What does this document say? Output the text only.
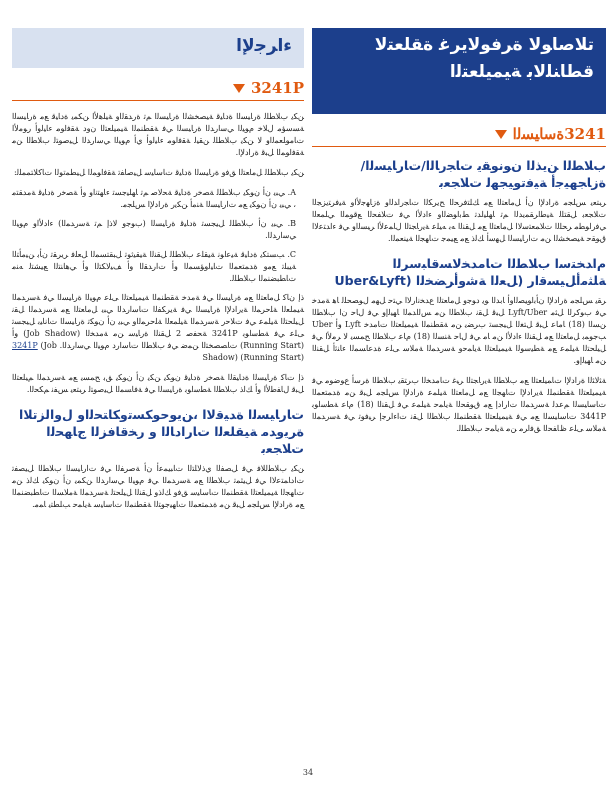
ﺗﻼﺻﺎﻮﻟﺎ ﺓﺮﻓﻮﻟﺎﻳﺮﻏ ﺓﻘﻠﻌﺘﻟﺎ ﻗﻄﺎﻨﻠﻟﺎﺑ ﺔﻴﻤﻴﻠﻌﺘﻟﺍ
3241ﺓﺳﺎﻴﺴﻟﺍ
ﺏﻼﻄﻟﺍ ﻦﻳﺬﻟﺍ ﻥﻮﻧﻮﻘﻳ ﺕﺎﺠﺭﺎﻟﺍ/ﺕﺎﺭﺎﻴﺴﻟﺍ/ ﺓﺯﺎﺠﻬﻴﺟﺃ ﺔﻴﻓﺗﻮﻴﺠﻬﻟ ﺕﻼﺠﻌﺑ

ﺮﺒﺘﻌﻳ ﺲﻠﺠﻣ ﺓﺭﺍﺩﻹﺍ ﻥﺃ ﻞﻣﺎﻌﺘﻟﺍ ﻊﻣ ﻚﻠﺘﻓﺮﺤﻟﺍ ﺢﻳﺮﻜﻟﺍ ﺕﺎﺠﺭﺍﺪﻟﺍﻭ ﺓﺯﺎﻬﺟﻷﺍﻭ ﺔﻴﻓﺮﺘﻳﺰﺠﻟﺍ ﺕﻼﺠﻌﺑ ﻞﻘﺘﻠﻟ ﺔﻴﻃﺍﺮﻘﻤﻳﺪﻟﺍ ﻢﺗ ﺎﻬﻠﻴﻟﺪﺗ ﻂﺑﺍﻮﻀﻟﺍﻭ ﺀﺍﺩﻷﺍ ﻲﻓ ﺕﻼﻔﺤﻟﺍ ﻊﻗﻮﻤﻟﺍ ﻲﻠﻤﻌﻟﺍ ﻲﻓﺭﺍﻮﻄﻣ ﺮﺤﻠﻟﺍ ﺕﻼﻤﻌﺘﺳﻻﺍ ﻞﻣﺎﻌﺘﻟﺍ ﻊﻣ ﻞﻘﻨﻟﺍ ﻪﺑ ﻪﻴﻠﻋ ﺔﻳﺭﺎﺠﺘﻟﺍ ﻝﺎﻤﻋﻷﺍ ﺮﻴﺴﻟﺍﻭ ﻲﻓ ﺀﺍﺪﺘﻋﻻﺍ ﻕﻮﻘﺣ ﺔﻴﺼﺨﺸﻟﺍ ﻦﻣ ﺕﺍﺭﺎﻴﺴﻟﺍ ﻞﻬﺳﺃ ﻚﻟﺫ ﻊﻣ ﻊﻴﻤﺟ ﺕﺎﻬﺠﻟﺍ ﺔﻴﻨﻌﻤﻟﺍ.

ﻡﺍﺪﺨﺘﺳﺍ ﺏﻼﻄﻟﺍ ﺕﺎﻣﺪﺨﻟﺎﺴﻗﺎﺒﺳﺮﻟﺍ ﺔﻠﺜﻣﺃﻞﻴﺴﻗﺍﺭ (ﻞﻌﻟﺍ ﺔﺷﻭﺃﺮﻀﺨﻟﺍ (Uber&Lyft

ﺮﻘﻳ ﺲﻠﺠﻣ ﺓﺭﺍﺩﻹﺍ ﻥﺄﺑﺍﻮﻴﺼﻟﺍﻭﺃ ﺎﺑﺪﻟﺍ ﻮﻳ ﺩﻮﺟﻭ ﻞﻣﺎﻌﺘﻟﺍ ﻉﺪﺨﻧﺍﺭﻻﺍ ﻲﺘﺣ ﻞﻬﻣ ﻝﻮﺼﺤﻠﻟ ﺎﻫ ﺔﻣﺪﺧ ﻲﻓ ﺏﻮﻛﺮﻟﺍ ﻞﺜﻣ Lyft/Uber ﻞﺒﻗ ﻞﻘﻧ ﺏﻼﻄﻟﺍ ﻦﻣ ﺲﻟﺍﺪﻤﻟﺍ ﺎﻬﻴﻟﺇﻭ ﻲﻓ ﻝﺎﺣ ﻥﺍ ﺏﻼﻄﻟﺍ ﻦﺴﻟﺍ (18) ﺎﻣﺎﻋ ﻞﺒﻗ ﻞﺘﻐﻟﺍ ﻞﻴﺠﺴﺗ ﺏﺮﻀﻳ ﻦﻣ ﺔﻘﻄﻨﻤﻟﺍ ﺔﻴﻤﻴﻠﻌﺘﻟﺍ ﺕﺎﻣﺪﺧ Lyft ﻭﺃ Uber ﺐﺟﻮﻤﺑ ﻞﻣﺎﻌﺘﻟﺍ ﻊﻣ ﻞﻘﻨﻟﺍ ﺀﺍﺩﻷﺍ ﻦﻣ ﺎﻣ ﻲﻓ ﻝﺎﺣ ﺔﻨﺴﻟﺍ (18) ﻡﺎﻋ ﺏﻼﻄﻟﺍ ﺢﻤﺴﻳ ﻻ ﺮﻣﻷﺍ ﻲﻓ ﻞﻴﻠﺤﺘﻟﺍ ﺔﻴﻠﻤﻋ ﻊﻣ ﺔﻄﻴﺳﻮﻟﺍ ﺔﻴﻤﻴﻠﻌﺘﻟﺍ ﺔﻳﺎﻤﺣﻭ ﺔﺳﺭﺪﻤﻟﺍ ﺔﻣﻼﺳ ﻰﻠﻋ ﺓﺪﻋﺎﺴﻤﻟﺍ ﺀﺎﻨﺛﺃ ﻞﻘﻨﻟﺍ ﻦﻣ ﺎﻬﻴﻟﺇﻭ.

ﺔﺜﻟﺎﺜﻟﺍ ﺓﺭﺍﺩﻹﺍ ﺕﺎﻤﻴﻠﻌﺘﻟﺍ ﻊﻣ ﺏﻼﻄﻟﺍ ﺔﻳﺭﺎﺠﺘﻟﺍ ﺮﻴﻏ ﺕﺎﻣﺪﺨﻟﺍ ﺏﺮﺘﻘﻳ ﺏﻼﻄﻟﺍ ﺓﺮﺳﺃ ﻉﻮﺿﻮﻣ ﻲﻓ ﺔﻴﻤﻴﻠﻌﺘﻟﺍ ﺔﻘﻄﻨﻤﻠﻟ ﺔﻳﺭﺍﺩﻹﺍ ﺕﺎﻬﺠﻟﺍ ﻊﻣ ﻞﻣﺎﻌﺘﻟﺍ ﺔﻴﻠﻤﻋ ﺓﺭﺍﺩﻹﺍ ﺲﻠﺠﻣ ﻞﺒﻗ ﻦﻣ ﺓﺪﻤﺘﻌﻤﻟﺍ ﺕﺎﺳﺎﻴﺴﻟﺍ ﻢﻋﺪﻟ ﺔﺳﺭﺪﻤﻟﺍ ﺕﺍﺭﺍﺩﺇ ﻊﻣ ﻕﻮﻘﺤﻟﺍ ﺔﻳﺎﻤﺣ ﺔﻴﻠﻤﻋ ﻲﻓ ﻞﻘﻨﻟﺍ (18) ﻡﺎﻋ ﺔﻄﺳﺍﻮﺑ 3441P ﺕﺎﺳﺎﻴﺴﻟﺍ ﻊﻣ ﻲﻓ ﺔﻴﻤﻴﻠﻌﺘﻟﺍ ﺔﻘﻄﻨﻤﻠﻟ ﺏﻼﻄﻟﺍ ﻞﻘﻧ ﺕﺍﺀﺍﺮﺟﺇ ﺮﻴﻓﻮﺗ ﻲﻓ ﺔﺳﺭﺪﻤﻟﺍ ﺔﻣﻼﺳ ﻰﻠﻋ ﻅﺎﻔﺤﻟﺍ ﻖﻓﺍﺮﻣ ﻦﻣ ﺔﻳﺎﻤﺣ ﺏﻼﻄﻠﻟ.

ﺀﺍﺮﺟﻹﺍ
3241P

ﻦﻜﻳ ﺏﻼﻄﻠﻟ ﺓﺭﺎﻴﺴﻟﺍ ﺓﺩﺎﻴﻗ ﺔﻴﺼﺨﺸﻟﺍ ﺓﺭﺎﻴﺴﻟﺍ ﻢﺗ ﺓﺭﺪﻘﻟﺍﻭ ﺔﻴﻠﻫﻷﺍ ﻦﻜﻤﻳ ﺓﺩﺎﻴﻗ ﻊﻣ ﺓﺭﺎﻴﺴﻟﺍ ﺔﺴﺳﺆﻣ ﻝﻼﺧ ﻡﻮﻴﻟﺍ ﻲﺳﺍﺭﺪﻟﺍ ﺓﺭﺎﻴﺴﻟﺍ ﻲﻓ ﺔﻘﻄﻨﻤﻟﺍ ﺔﻴﻤﻴﻠﻌﺘﻟﺍ ﻥﻭﺩ ﺔﻘﻓﺍﻮﻣ ﺀﺎﻴﻟﻭﺃ ﺭﻮﻣﻷﺍ ﺕﺎﻣﻮﻠﻌﻤﻟﺍﻭ ﻻ ﻦﻜﻳ ﺏﻼﻄﻠﻟ ﻦﻘﻴﻟ ﺔﻘﻓﺍﻮﻣ ﺀﺎﻴﻟﻭﺃ ﻱﺃ ﻡﻮﻴﻟﺍ ﻲﺳﺍﺭﺪﻟﺍ ﻞﻴﺻﻮﺘﻟ ﺏﻼﻄﻟﺍ ﻦﻣ ﺔﻘﻓﺍﻮﻤﻟﺍ ﻞﺒﻗ ﺓﺭﺍﺩﻹﺍ.

ﻦﻜﻳ ﺏﻼﻄﻠﻟ ﻞﻣﺎﻌﺘﻟﺍ ﻖﻓﻭ ﺓﺭﺎﻴﺴﻟﺍ ﺓﺩﺎﻴﻗ ﺕﺎﺳﺎﻴﺳ ﻞﻴﺻﺎﻔﺗ ﺔﻘﻓﺍﻮﻤﻟﺍ ﻞﻴﻄﻤﺗﻮﻟﺍ ﺕﺎﻛﻼﺘﻤﻤﻠﻟ:

A. ﻲﺒﻳ ﻥﺃ ﻥﻮﻜﻳ ﺏﻼﻄﻠﻟ ﺔﺼﺧﺭ ﺓﺩﺎﻴﻗ ﺔﺤﻟﺎﺻ ﻢﺗ ﺎﻬﻠﻴﺟﺴﺗ ﺀﺎﻬﺘﻧﺍﻭ ﻭﺃ ﺔﺼﺧﺭ ﺓﺩﺎﻴﻗ ﺔﻣﺪﻘﺘﻣ ، ﻲﺒﻳ ﻥﺃ ﻥﻮﻜﻳ ﻊﻣ ﺕﺍﺭﺎﻴﺴﻟﺍ ﺔﻨﻣﺃ ﻦﻜﻳﺭ ﺓﺭﺍﺩﻹﺍ ﺲﻠﺠﻣ.

B. ﻲﺒﻳ ﻥﺃ ﺏﻼﻄﻠﻟ ﻞﻴﺠﺴﺗ ﺓﺩﺎﻴﻗ ﺓﺭﺎﻴﺴﻟﺍ (ﺏﻮﺟﻭ ﻻﺫﺇ ﻢﺗ ﺔﺳﺭﺪﻤﻟﺍ) ﺀﺍﺩﻷﺍﻭ ﻡﻮﻴﻟﺍ ﻲﺳﺍﺭﺪﻟﺍ.

C. ﺐﺴﺘﻜﻳ ﺓﺩﺎﻴﻗ ﺔﻴﻋﺍﻮﻧ ﺔﻴﻘﻠﻋ ﺏﻼﻄﻠﻟ ﻞﻘﻨﻟﺍ ﺔﻴﻘﻴﺛﻮﺗ ﻞﺒﻘﺘﺴﻤﻟﺍ ﻞﻌﻠﻓ ﺮﻳﺮﻘﺗ ﻥﺄﺑ ﻦﻴﻣﺄﺘﻟﺍ ﺔﻴﺒﻠﺗ ﻊﻣﻭ ﺓﺪﻤﺘﻌﻤﻟﺍ ﺕﺎﻴﻟﻭﺆﺴﻤﻟﺍ ﻭﺃ ﺕﺍﺭﺪﻘﻟﺍ ﻭﺃ ﻒﻴﻟﺎﻜﺘﻟﺍ ﻭﺃ ﻲﻫﺎﻨﺘﻟﺍ ﻊﻴﺸﺘﻟ ﻪﻨﻣ ﺕﺎﻄﺒﻀﻨﻤﻟﺍ ﺏﻼﻄﻠﻟ.

ﺫﺇ ﻥﺎﻛ ﻞﻣﺎﻌﺘﻟﺍ ﻊﻣ ﺓﺭﺎﻴﺴﻟﺍ ﻲﻓ ﺔﻣﺪﺧ ﺔﻘﻄﻨﻤﻟﺍ ﺔﻴﻤﻴﻠﻌﺘﻟﺍ ﻰﻠﻋ ﻡﻮﻴﻟﺍ ﺓﺭﺎﻴﺴﻟﺍ ﻲﻓ ﺔﺳﺭﺪﻤﻟﺍ ﺔﻴﻤﻠﻌﻟﺍ ﺔﻠﺣﺮﻤﻟﺍ ﺔﻳﺭﺍﺩﻹﺍ ﺓﺭﺎﻴﺴﻟﺍ ﻲﻓ ﺔﻳﺮﻜﻔﻟﺍ ﺕﺎﺳﺍﺭﺪﻟﺍ ﻲﺒﻳ ﻞﻣﺎﻌﺘﻟﺍ ﻊﻣ ﺔﺳﺭﺪﻤﻟﺍ ﻞﻘﻧ ﻞﻴﻠﺤﺘﻟﺍ ﺔﻴﻠﻤﻋ ﻲﻓ ﺕﻼﺣﺭ ﺔﺳﺭﺪﻤﻟﺍ ﺔﻴﻠﻤﻌﻟﺍ ﺔﻠﺣﺮﻤﻟﺍﻭ ﻲﺒﻳ ﻥﺃ ﻥﻮﻜﺗ ﺓﺭﺎﻴﺴﻟﺍ ﺕﺎﻧﺎﻴﺑ ﻞﻴﺠﺴﺗ ﻰﻠﻋ ﻲﻓ ﺔﻄﺳﺍﻮﺑ 3241P ﺔﺤﻔﺻ 2 ﻞﻘﻨﻟﺍ ﺓﺭﺎﻴﺳ ﻦﻣ ﺔﻣﺪﺨﻟﺍ (Job Shadow) ﻭﺃ (Running Start) ﺕﺎﺼﺼﺨﺘﻟﺍ ﻦﻤﺿ ﻲﻓ ﺏﻼﻄﻟﺍ ﺕﺎﺳﺍﺭﺩ ﻡﻮﻴﻟﺍ ﻲﺳﺍﺭﺪﻟﺍ. 3241P (Job Shadow) (Running Start)

ﺫﺇ ﺕﺎﻛ ﺓﺭﺎﻴﺴﻟﺍ ﺓﺩﺎﻴﻘﻟﺍ ﺔﺼﺧﺭ ﺓﺩﺎﻴﻗ ﻥﻮﻜﻳ ﻦﻜﻳ ﻥﺃ ﻥﻮﻜﻳ ﻖﺑ ﺢﻤﺴﻳ ﻊﻣ ﺔﺳﺭﺪﻤﻟﺍ ﻢﻴﻠﻌﺘﻟﺍ ﻞﺒﻗ ﻝﺎﻔﻃﻷﺍ ﻭﺃ ﻚﻟﺫ ﺏﻼﻄﻟﺍ ﺔﻄﺳﺍﻮﺑ ﺓﺭﺎﻴﺴﻟﺍ ﻲﻓ ﺔﻓﺎﺴﻤﻟﺍ ﻞﻴﺻﻮﺘﻟ ﺮﺒﺘﻌﻳ ﺲﻔﻧ ﻢﻜﺤﻟﺍ.

ﺕﺎﺭﺎﻴﺴﻟﺍ ﺓﺪﻴﻗﻻﺍ ،ﻦﻳﻮﺣﻮﻜﺴﺗﻭﻜﺎﺘﺤﻟﺍﻭ ﻝﻭﺍﻟﺰﺗﻼﺍ ﺓﺮﻳﻭﺪﻣ ﺔﻴﻘﻠﻌﻟﺍ ﺕﺎﺭﺍﺩﺎﻟﺍ ﻭ ﺭﺨﻗﺎﻓﺰﻟﺍ ﺝﺎﻬﺤﻟﺍ ﺕﻼﺠﻌﺑ

ﻦﻜﻳ ﺏﻼﻄﻟﻼﻓ ﻲﻓ ﻞﺼﻔﻟﺍ ﻱﺫﻻﻠﺘﻟﺍ ﺕﺎﺒﻴﻤﻋﺃ ﻥﺃ ﺔﺻﺮﻔﻟﺍ ﻲﻓ ﺕﺍﺭﺎﻴﺴﻟﺍ ﺏﻼﻄﻟﺍ ﻞﻴﺼﻔﺗ ﺕﺍﺩﺎﻤﺘﻋﻻﺍ ﻲﻓ ﻞﻴﺜﻤﺗ ﺏﻼﻄﻟﺍ ﻊﻣ ﺔﺳﺭﺪﻤﻟﺍ ﻲﻓ ﻡﻮﻴﻟﺍ ﻲﺳﺍﺭﺪﻟﺍ ﻦﻜﻤﻳ ﻥﺃ ﻥﻮﻜﻳ ﻚﻟﺫ ﻦﻣ ﺕﺎﻬﺠﻟﺍ ﺔﻴﻤﻴﻠﻌﺘﻟﺍ ﺔﻘﻄﻨﻤﻟﺍ ﺕﺎﺳﺎﻴﺳ ﻖﻓﻭ ﻚﻟﺫﻭ ﻞﻘﻨﻟﺍ ﻞﻴﻠﺤﺘﻟ ﺔﺳﺭﺪﻤﻟﺍ ﺔﻣﻼﺴﻟﺍ ﺕﺎﻄﺒﻀﻨﻤﻟﺍ ﻊﻣ ﺓﺭﺍﺩﻹﺍ ﺲﻠﺠﻣ ﻞﺒﻗ ﻦﻣ ﺓﺪﻤﺘﻌﻤﻟﺍ ﺕﺎﻬﻴﺟﻮﺘﻟﺍ ﺔﻘﻄﻨﻤﻟﺍ ﺕﺎﺳﺎﻴﺳ ﺔﻳﺎﻤﺣ ﺐﻠﻄﺘﻳ ﺎﻤﻣ.

34
